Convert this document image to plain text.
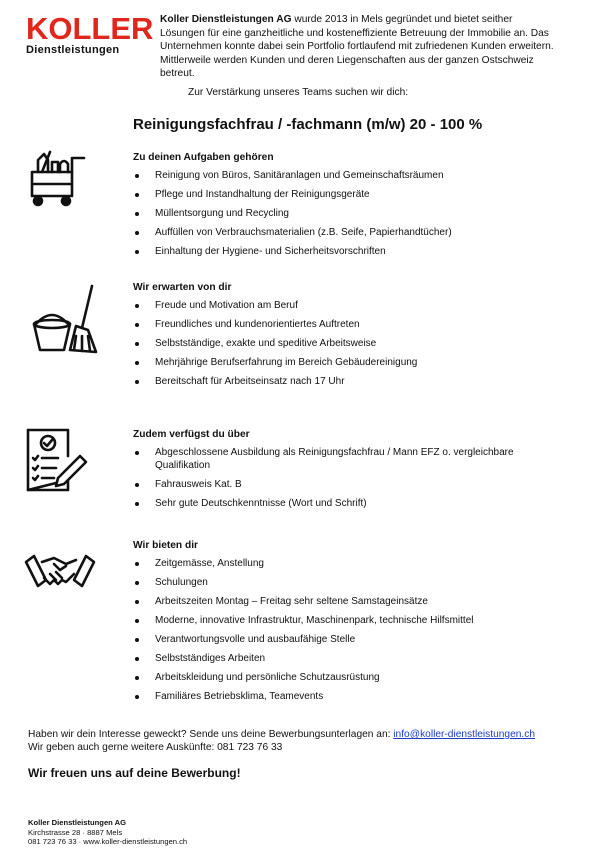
KOLLER
Dienstleistungen
Koller Dienstleistungen AG wurde 2013 in Mels gegründet und bietet seither Lösungen für eine ganzheitliche und kosteneffiziente Betreuung der Immobilie an. Das Unternehmen konnte dabei sein Portfolio fortlaufend mit zufriedenen Kunden erweitern. Mittlerweile werden Kunden und deren Liegenschaften aus der ganzen Ostschweiz betreut.
Zur Verstärkung unseres Teams suchen wir dich:
Reinigungsfachfrau / -fachmann (m/w) 20 - 100 %
Zu deinen Aufgaben gehören
Reinigung von Büros, Sanitäranlagen und Gemeinschaftsräumen
Pflege und Instandhaltung der Reinigungsgeräte
Müllentsorgung und Recycling
Auffüllen von Verbrauchsmaterialien (z.B. Seife, Papierhandtücher)
Einhaltung der Hygiene- und Sicherheitsvorschriften
Wir erwarten von dir
Freude und Motivation am Beruf
Freundliches und kundenorientiertes Auftreten
Selbstständige, exakte und speditive Arbeitsweise
Mehrjährige Berufserfahrung im Bereich Gebäudereinigung
Bereitschaft für Arbeitseinsatz nach 17 Uhr
Zudem verfügst du über
Abgeschlossene Ausbildung als Reinigungsfachfrau / Mann EFZ o. vergleichbare Qualifikation
Fahrausweis Kat. B
Sehr gute Deutschkenntnisse (Wort und Schrift)
Wir bieten dir
Zeitgemässe, Anstellung
Schulungen
Arbeitszeiten Montag – Freitag sehr seltene Samstageinsätze
Moderne, innovative Infrastruktur, Maschinenpark, technische Hilfsmittel
Verantwortungsvolle und ausbaufähige Stelle
Selbstständiges Arbeiten
Arbeitskleidung und persönliche Schutzausrüstung
Familiäres Betriebsklima, Teamevents
Haben wir dein Interesse geweckt? Sende uns deine Bewerbungsunterlagen an: info@koller-dienstleistungen.ch
Wir geben auch gerne weitere Auskünfte: 081 723 76 33
Wir freuen uns auf deine Bewerbung!
Koller Dienstleistungen AG
Kirchstrasse 28 · 8887 Mels
081 723 76 33 · www.koller-dienstleistungen.ch
